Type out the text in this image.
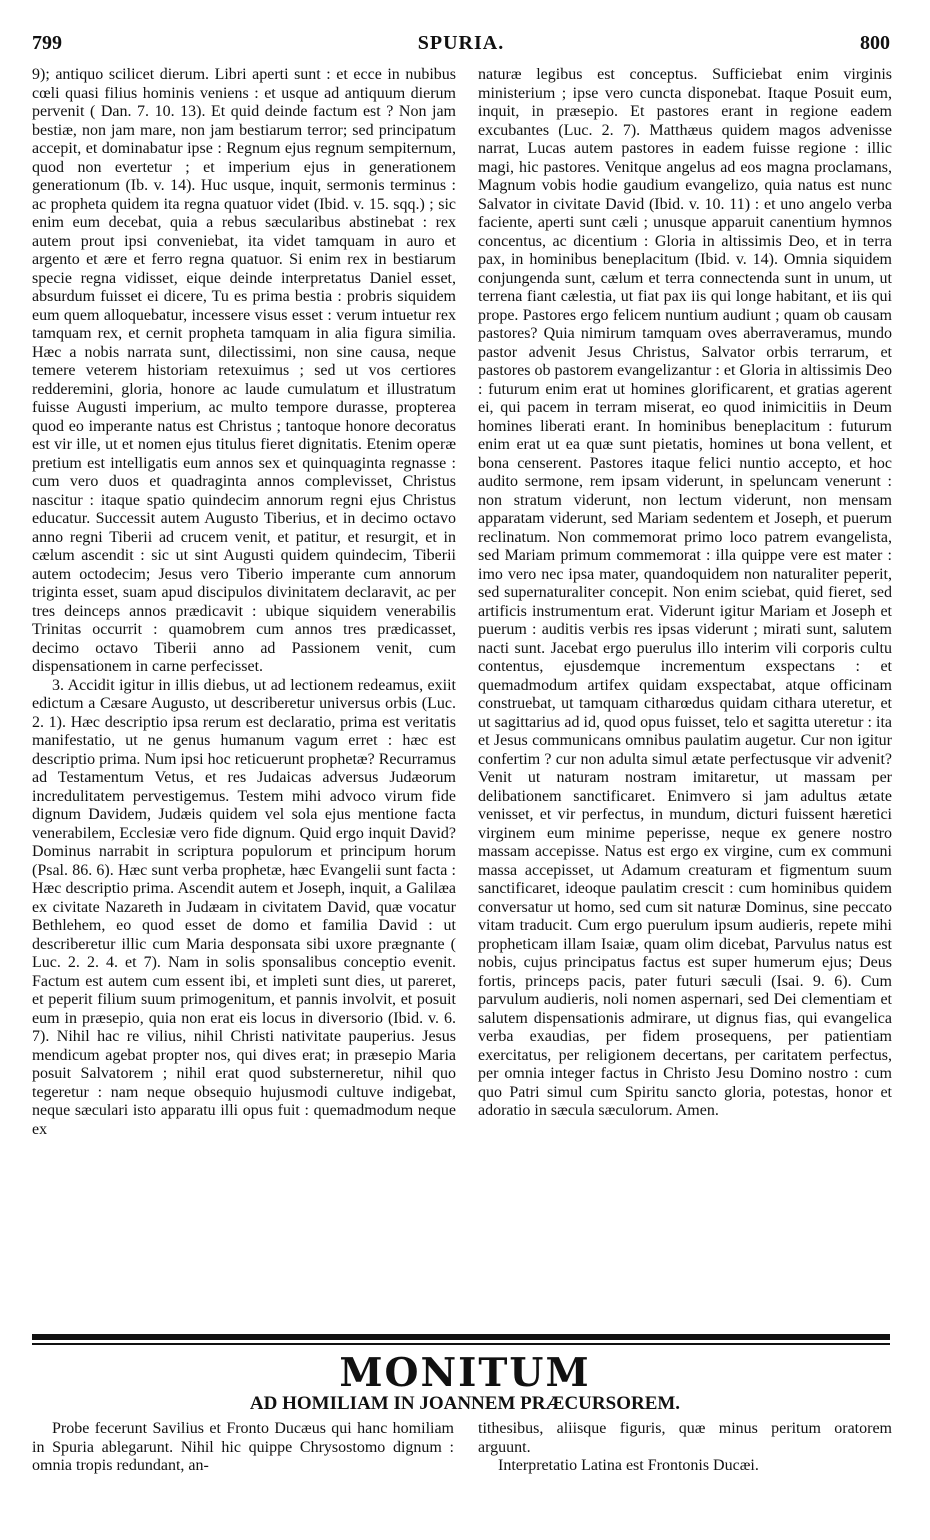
799	SPURIA.	800

9); antiquo scilicet dierum. Libri aperti sunt : et ecce in nubibus cœli quasi filius hominis veniens : et usque ad antiquum dierum pervenit ( Dan. 7. 10. 13). Et quid deinde factum est ? Non jam bestiæ, non jam mare, non jam bestiarum terror; sed principatum accepit, et dominabatur ipse : Regnum ejus regnum sempiternum, quod non evertetur ; et imperium ejus in generationem generationum (Ib. v. 14). Huc usque, inquit, sermonis terminus : ac propheta quidem ita regna quatuor videt (Ibid. v. 15. sqq.) ; sic enim eum decebat, quia a rebus sæcularibus abstinebat : rex autem prout ipsi conveniebat, ita videt tamquam in auro et argento et ære et ferro regna quatuor. Si enim rex in bestiarum specie regna vidisset, eique deinde interpretatus Daniel esset, absurdum fuisset ei dicere, Tu es prima bestia : probris siquidem eum quem alloquebatur, incessere visus esset : verum intuetur rex tamquam rex, et cernit propheta tamquam in alia figura similia. Hæc a nobis narrata sunt, dilectissimi, non sine causa, neque temere veterem historiam retexuimus ; sed ut vos certiores redderemini, gloria, honore ac laude cumulatum et illustratum fuisse Augusti imperium, ac multo tempore durasse, propterea quod eo imperante natus est Christus ; tantoque honore decoratus est vir ille, ut et nomen ejus titulus fieret dignitatis. Etenim operæ pretium est intelligatis eum annos sex et quinquaginta regnasse : cum vero duos et quadraginta annos complevisset, Christus nascitur : itaque spatio quindecim annorum regni ejus Christus educatur. Successit autem Augusto Tiberius, et in decimo octavo anno regni Tiberii ad crucem venit, et patitur, et resurgit, et in cælum ascendit : sic ut sint Augusti quidem quindecim, Tiberii autem octodecim; Jesus vero Tiberio imperante cum annorum triginta esset, suam apud discipulos divinitatem declaravit, ac per tres deinceps annos prædicavit : ubique siquidem venerabilis Trinitas occurrit : quamobrem cum annos tres prædicasset, decimo octavo Tiberii anno ad Passionem venit, cum dispensationem in carne perfecisset.

3. Accidit igitur in illis diebus, ut ad lectionem redeamus, exiit edictum a Cæsare Augusto, ut describeretur universus orbis (Luc. 2. 1). Hæc descriptio ipsa rerum est declaratio, prima est veritatis manifestatio, ut ne genus humanum vagum erret : hæc est descriptio prima. Num ipsi hoc reticuerunt prophetæ? Recurramus ad Testamentum Vetus, et res Judaicas adversus Judæorum incredulitatem pervestigemus. Testem mihi advoco virum fide dignum Davidem, Judæis quidem vel sola ejus mentione facta venerabilem, Ecclesiæ vero fide dignum. Quid ergo inquit David? Dominus narrabit in scriptura populorum et principum horum (Psal. 86. 6). Hæc sunt verba prophetæ, hæc Evangelii sunt facta : Hæc descriptio prima. Ascendit autem et Joseph, inquit, a Galilæa ex civitate Nazareth in Judæam in civitatem David, quæ vocatur Bethlehem, eo quod esset de domo et familia David : ut describeretur illic cum Maria desponsata sibi uxore prægnante ( Luc. 2. 2. 4. et 7). Nam in solis sponsalibus conceptio evenit. Factum est autem cum essent ibi, et impleti sunt dies, ut pareret, et peperit filium suum primogenitum, et pannis involvit, et posuit eum in præsepio, quia non erat eis locus in diversorio (Ibid. v. 6. 7). Nihil hac re vilius, nihil Christi nativitate pauperius. Jesus mendicum agebat propter nos, qui dives erat; in præsepio Maria posuit Salvatorem ; nihil erat quod substerneretur, nihil quo tegeretur : nam neque obsequio hujusmodi cultuve indigebat, neque sæculari isto apparatu illi opus fuit : quemadmodum neque ex

naturæ legibus est conceptus. Sufficiebat enim virginis ministerium ; ipse vero cuncta disponebat. Itaque Posuit eum, inquit, in præsepio. Et pastores erant in regione eadem excubantes (Luc. 2. 7). Matthæus quidem magos advenisse narrat, Lucas autem pastores in eadem fuisse regione : illic magi, hic pastores. Venitque angelus ad eos magna proclamans, Magnum vobis hodie gaudium evangelizo, quia natus est nunc Salvator in civitate David (Ibid. v. 10. 11) : et uno angelo verba faciente, aperti sunt cæli ; unusque apparuit canentium hymnos concentus, ac dicentium : Gloria in altissimis Deo, et in terra pax, in hominibus beneplacitum (Ibid. v. 14). Omnia siquidem conjungenda sunt, cælum et terra connectenda sunt in unum, ut terrena fiant cælestia, ut fiat pax iis qui longe habitant, et iis qui prope. Pastores ergo felicem nuntium audiunt ; quam ob causam pastores? Quia nimirum tamquam oves aberraveramus, mundo pastor advenit Jesus Christus, Salvator orbis terrarum, et pastores ob pastorem evangelizantur : et Gloria in altissimis Deo : futurum enim erat ut homines glorificarent, et gratias agerent ei, qui pacem in terram miserat, eo quod inimicitiis in Deum homines liberati erant. In hominibus beneplacitum : futurum enim erat ut ea quæ sunt pietatis, homines ut bona vellent, et bona censerent. Pastores itaque felici nuntio accepto, et hoc audito sermone, rem ipsam viderunt, in speluncam venerunt : non stratum viderunt, non lectum viderunt, non mensam apparatam viderunt, sed Mariam sedentem et Joseph, et puerum reclinatum. Non commemorat primo loco patrem evangelista, sed Mariam primum commemorat : illa quippe vere est mater : imo vero nec ipsa mater, quandoquidem non naturaliter peperit, sed supernaturaliter concepit. Non enim sciebat, quid fieret, sed artificis instrumentum erat. Viderunt igitur Mariam et Joseph et puerum : auditis verbis res ipsas viderunt ; mirati sunt, salutem nacti sunt. Jacebat ergo puerulus illo interim vili corporis cultu contentus, ejusdemque incrementum exspectans : et quemadmodum artifex quidam exspectabat, atque officinam construebat, ut tamquam citharœdus quidam cithara uteretur, et ut sagittarius ad id, quod opus fuisset, telo et sagitta uteretur : ita et Jesus communicans omnibus paulatim augetur. Cur non igitur confertim ? cur non adulta simul ætate perfectusque vir advenit? Venit ut naturam nostram imitaretur, ut massam per delibationem sanctificaret. Enimvero si jam adultus ætate venisset, et vir perfectus, in mundum, dicturi fuissent hæretici virginem eum minime peperisse, neque ex genere nostro massam accepisse. Natus est ergo ex virgine, cum ex communi massa accepisset, ut Adamum creaturam et figmentum suum sanctificaret, ideoque paulatim crescit : cum hominibus quidem conversatur ut homo, sed cum sit naturæ Dominus, sine peccato vitam traducit. Cum ergo puerulum ipsum audieris, repete mihi propheticam illam Isaiæ, quam olim dicebat, Parvulus natus est nobis, cujus principatus factus est super humerum ejus; Deus fortis, princeps pacis, pater futuri sæculi (Isai. 9. 6). Cum parvulum audieris, noli nomen aspernari, sed Dei clementiam et salutem dispensationis admirare, ut dignus fias, qui evangelica verba exaudias, per fidem prosequens, per patientiam exercitatus, per religionem decertans, per caritatem perfectus, per omnia integer factus in Christo Jesu Domino nostro : cum quo Patri simul cum Spiritu sancto gloria, potestas, honor et adoratio in sæcula sæculorum. Amen.

MONITUM
AD HOMILIAM IN JOANNEM PRÆCURSOREM.

Probe fecerunt Savilius et Fronto Ducæus qui hanc homiliam in Spuria ablegarunt. Nihil hic quippe Chrysostomo dignum : omnia tropis redundant, an-

tithesibus, aliisque figuris, quæ minus peritum oratorem arguunt.

Interpretatio Latina est Frontonis Ducæi.
